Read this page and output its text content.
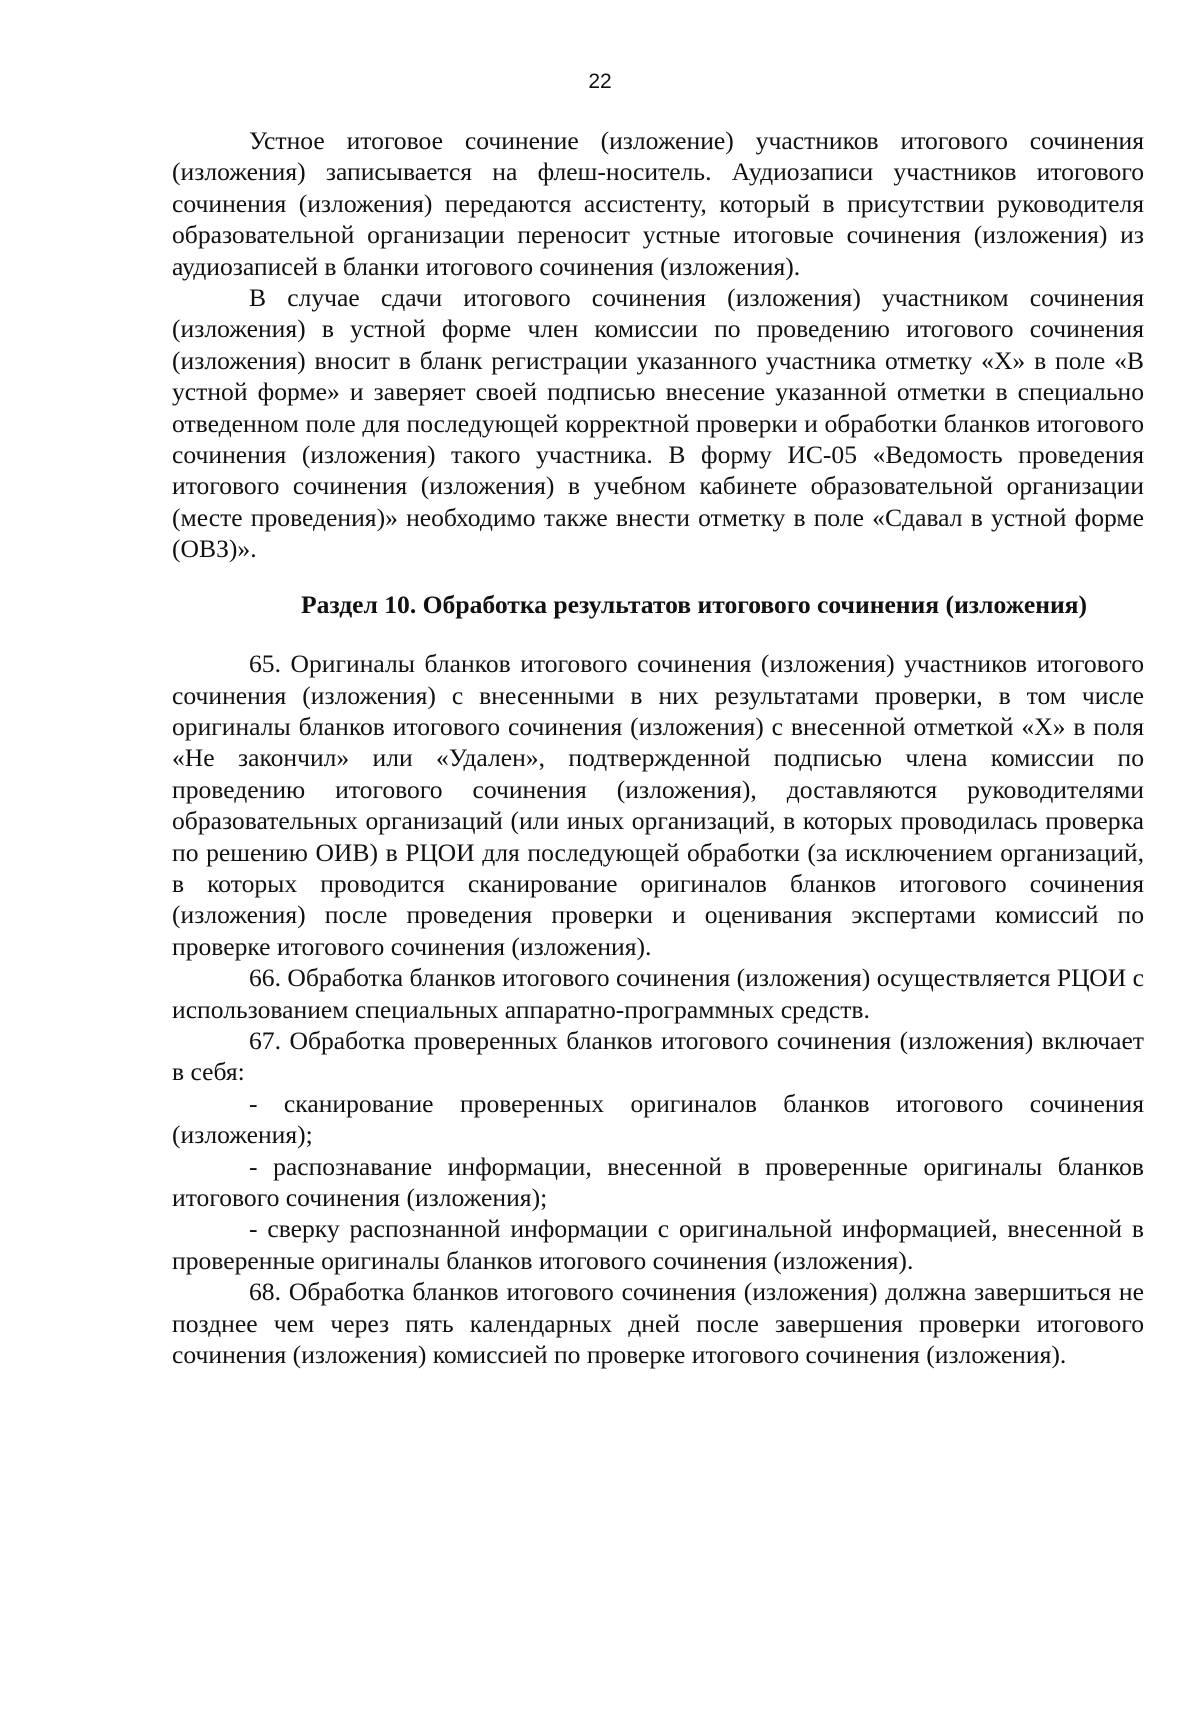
22

Устное итоговое сочинение (изложение) участников итогового сочинения (изложения) записывается на флеш-носитель. Аудиозаписи участников итогового сочинения (изложения) передаются ассистенту, который в присутствии руководителя образовательной организации переносит устные итоговые сочинения (изложения) из аудиозаписей в бланки итогового сочинения (изложения).

В случае сдачи итогового сочинения (изложения) участником сочинения (изложения) в устной форме член комиссии по проведению итогового сочинения (изложения) вносит в бланк регистрации указанного участника отметку «Х» в поле «В устной форме» и заверяет своей подписью внесение указанной отметки в специально отведенном поле для последующей корректной проверки и обработки бланков итогового сочинения (изложения) такого участника. В форму ИС-05 «Ведомость проведения итогового сочинения (изложения) в учебном кабинете образовательной организации (месте проведения)» необходимо также внести отметку в поле «Сдавал в устной форме (ОВЗ)».

Раздел 10. Обработка результатов итогового сочинения (изложения)

65. Оригиналы бланков итогового сочинения (изложения) участников итогового сочинения (изложения) с внесенными в них результатами проверки, в том числе оригиналы бланков итогового сочинения (изложения) с внесенной отметкой «Х» в поля «Не закончил» или «Удален», подтвержденной подписью члена комиссии по проведению итогового сочинения (изложения), доставляются руководителями образовательных организаций (или иных организаций, в которых проводилась проверка по решению ОИВ) в РЦОИ для последующей обработки (за исключением организаций, в которых проводится сканирование оригиналов бланков итогового сочинения (изложения) после проведения проверки и оценивания экспертами комиссий по проверке итогового сочинения (изложения).

66. Обработка бланков итогового сочинения (изложения) осуществляется РЦОИ с использованием специальных аппаратно-программных средств.

67. Обработка проверенных бланков итогового сочинения (изложения) включает в себя:

- сканирование проверенных оригиналов бланков итогового сочинения (изложения);

- распознавание информации, внесенной в проверенные оригиналы бланков итогового сочинения (изложения);

- сверку распознанной информации с оригинальной информацией, внесенной в проверенные оригиналы бланков итогового сочинения (изложения).

68. Обработка бланков итогового сочинения (изложения) должна завершиться не позднее чем через пять календарных дней после завершения проверки итогового сочинения (изложения) комиссией по проверке итогового сочинения (изложения).
